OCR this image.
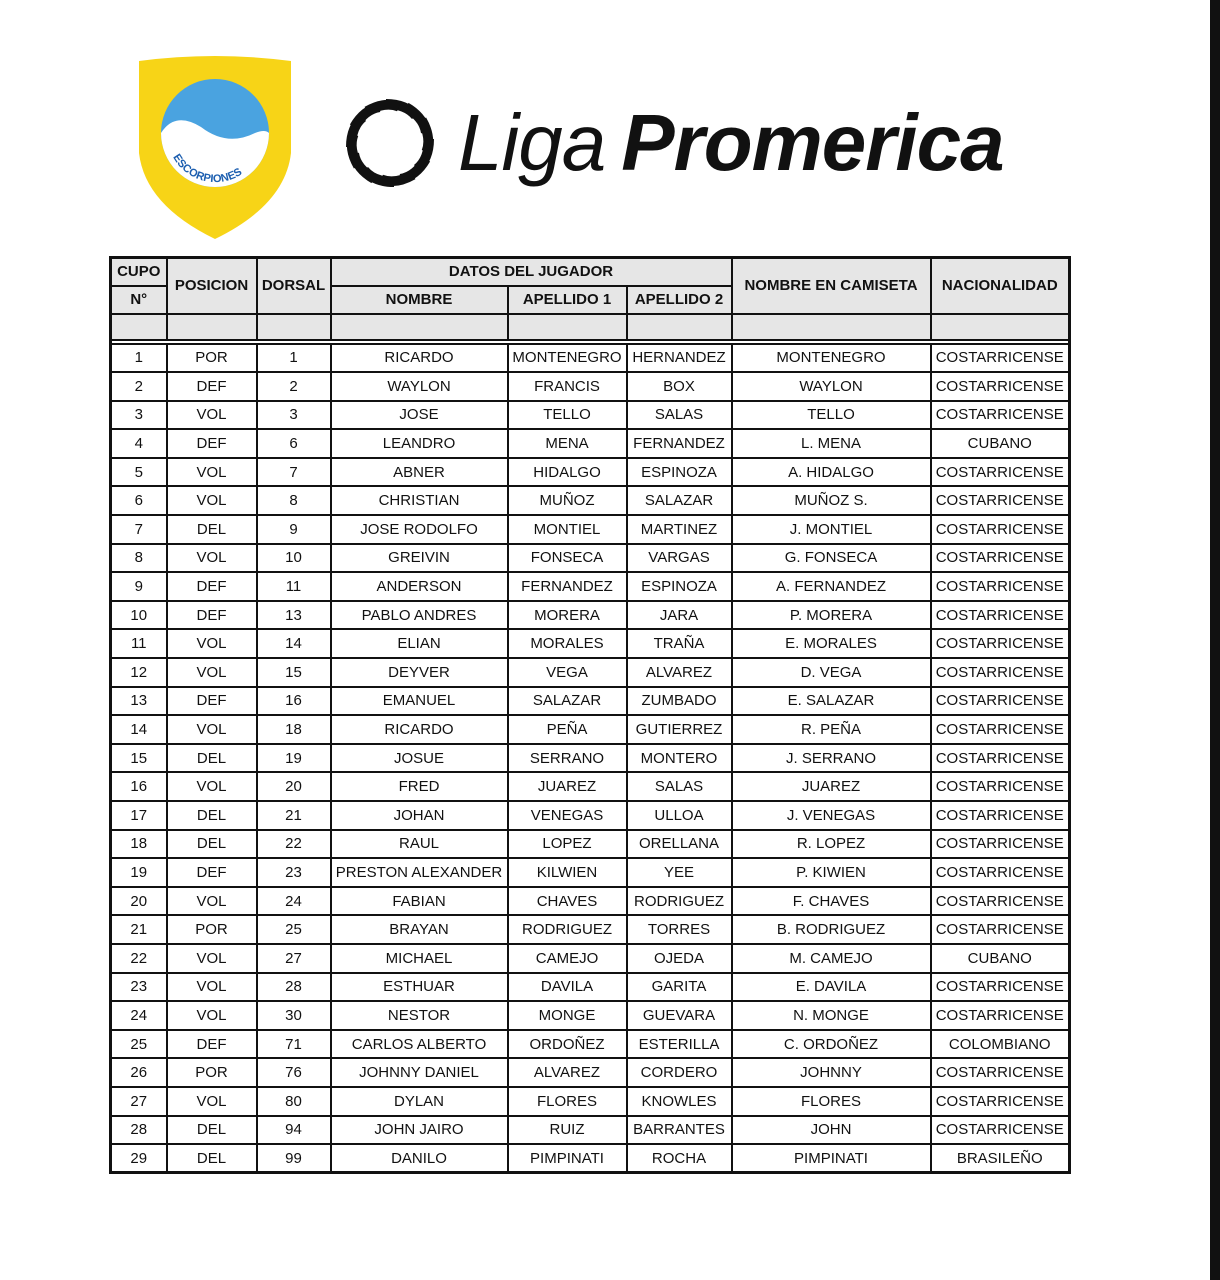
ESCORPIONES	Liga Promerica
CUPO	POSICION	DORSAL	DATOS DEL JUGADOR			NOMBRE EN CAMISETA	NACIONALIDAD
N°			NOMBRE	APELLIDO 1	APELLIDO 2		

1	POR	1	RICARDO	MONTENEGRO	HERNANDEZ	MONTENEGRO	COSTARRICENSE
2	DEF	2	WAYLON	FRANCIS	BOX	WAYLON	COSTARRICENSE
3	VOL	3	JOSE	TELLO	SALAS	TELLO	COSTARRICENSE
4	DEF	6	LEANDRO	MENA	FERNANDEZ	L. MENA	CUBANO
5	VOL	7	ABNER	HIDALGO	ESPINOZA	A. HIDALGO	COSTARRICENSE
6	VOL	8	CHRISTIAN	MUÑOZ	SALAZAR	MUÑOZ S.	COSTARRICENSE
7	DEL	9	JOSE RODOLFO	MONTIEL	MARTINEZ	J. MONTIEL	COSTARRICENSE
8	VOL	10	GREIVIN	FONSECA	VARGAS	G. FONSECA	COSTARRICENSE
9	DEF	11	ANDERSON	FERNANDEZ	ESPINOZA	A. FERNANDEZ	COSTARRICENSE
10	DEF	13	PABLO ANDRES	MORERA	JARA	P. MORERA	COSTARRICENSE
11	VOL	14	ELIAN	MORALES	TRAÑA	E. MORALES	COSTARRICENSE
12	VOL	15	DEYVER	VEGA	ALVAREZ	D. VEGA	COSTARRICENSE
13	DEF	16	EMANUEL	SALAZAR	ZUMBADO	E. SALAZAR	COSTARRICENSE
14	VOL	18	RICARDO	PEÑA	GUTIERREZ	R. PEÑA	COSTARRICENSE
15	DEL	19	JOSUE	SERRANO	MONTERO	J. SERRANO	COSTARRICENSE
16	VOL	20	FRED	JUAREZ	SALAS	JUAREZ	COSTARRICENSE
17	DEL	21	JOHAN	VENEGAS	ULLOA	J. VENEGAS	COSTARRICENSE
18	DEL	22	RAUL	LOPEZ	ORELLANA	R. LOPEZ	COSTARRICENSE
19	DEF	23	PRESTON ALEXANDER	KILWIEN	YEE	P. KIWIEN	COSTARRICENSE
20	VOL	24	FABIAN	CHAVES	RODRIGUEZ	F. CHAVES	COSTARRICENSE
21	POR	25	BRAYAN	RODRIGUEZ	TORRES	B. RODRIGUEZ	COSTARRICENSE
22	VOL	27	MICHAEL	CAMEJO	OJEDA	M. CAMEJO	CUBANO
23	VOL	28	ESTHUAR	DAVILA	GARITA	E. DAVILA	COSTARRICENSE
24	VOL	30	NESTOR	MONGE	GUEVARA	N. MONGE	COSTARRICENSE
25	DEF	71	CARLOS ALBERTO	ORDOÑEZ	ESTERILLA	C. ORDOÑEZ	COLOMBIANO
26	POR	76	JOHNNY DANIEL	ALVAREZ	CORDERO	JOHNNY	COSTARRICENSE
27	VOL	80	DYLAN	FLORES	KNOWLES	FLORES	COSTARRICENSE
28	DEL	94	JOHN JAIRO	RUIZ	BARRANTES	JOHN	COSTARRICENSE
29	DEL	99	DANILO	PIMPINATI	ROCHA	PIMPINATI	BRASILEÑO
